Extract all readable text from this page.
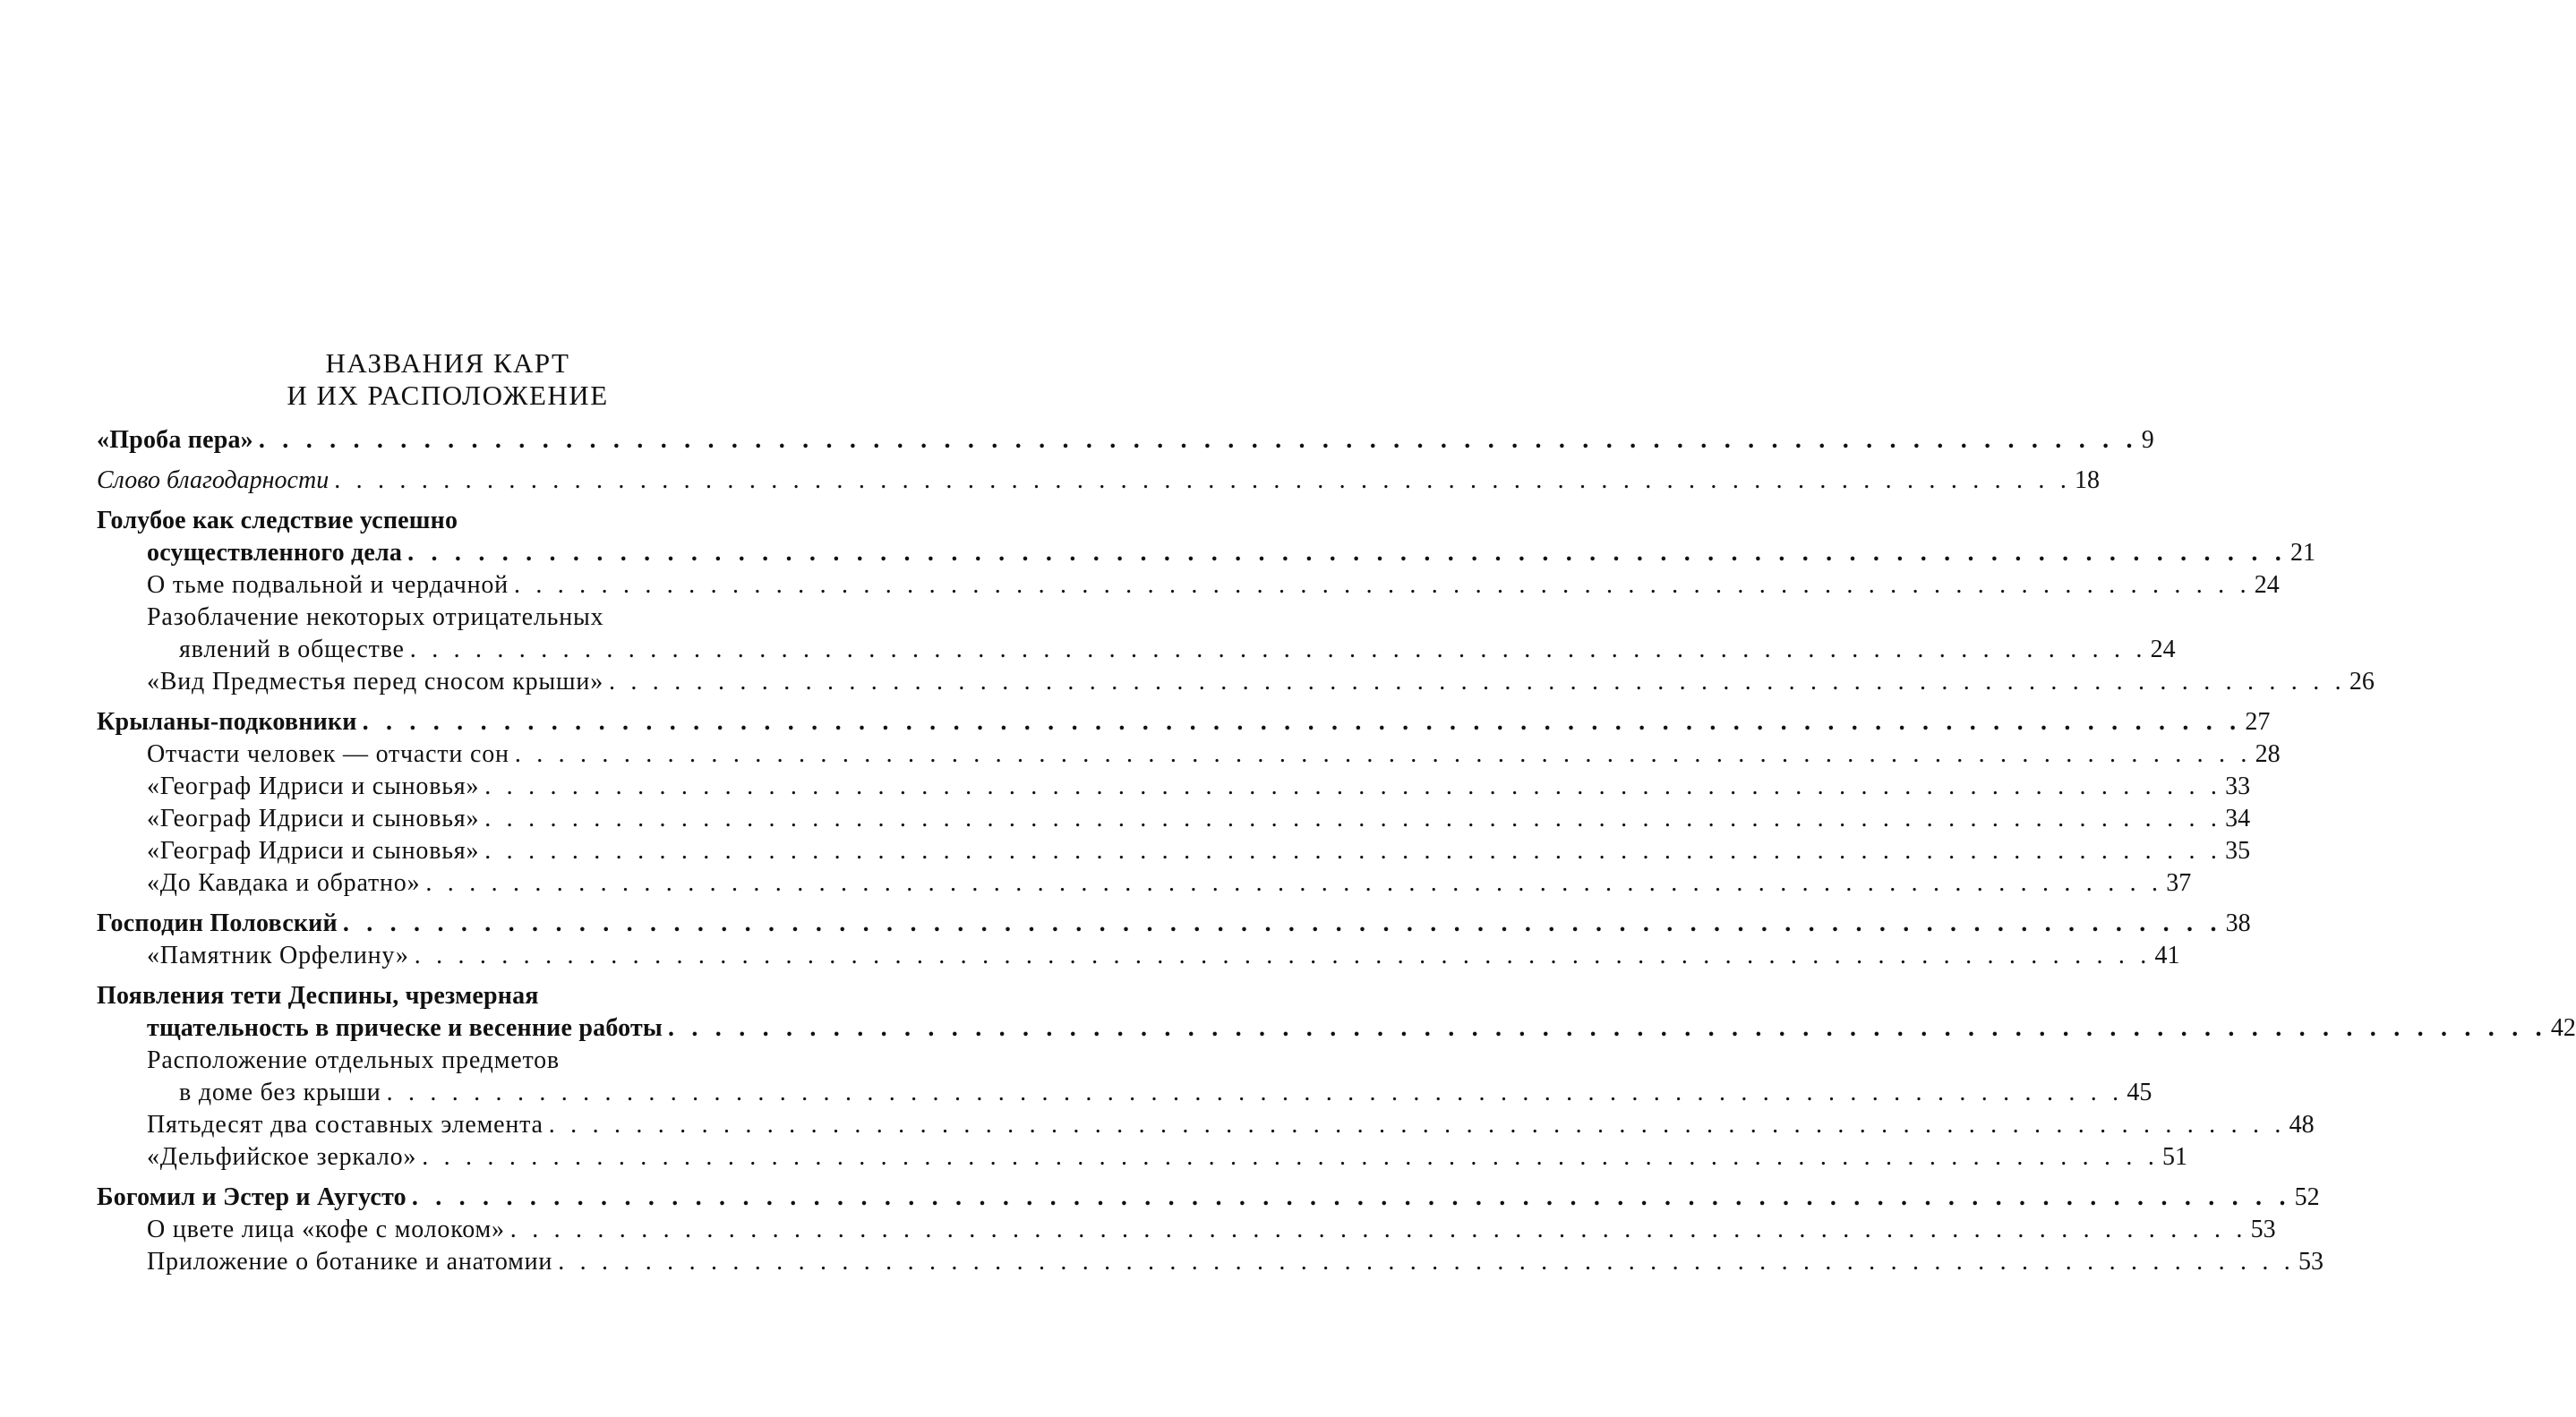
НАЗВАНИЯ КАРТ
И ИХ РАСПОЛОЖЕНИЕ
«Проба пера» . . . . . . . . . . . . . . . . . . . . . . . . . . . . . . . . . . . . . . . . . . . . . . . . . . . . . . . . . . . . . . . . . . . . . . . . . . . . . . . . 9
Слово благодарности . . . . . . . . . . . . . . . . . . . . . . . . . . . . . . . . . . . . . . . . . . . . . . . . . . . . . . . . . . . . . . . . . . . . . . . . . . . . . . . . 18
Голубое как следствие успешно
осуществленного дела . . . . . . . . . . . . . . . . . . . . . . . . . . . . . . . . . . . . . . . . . . . . . . . . . . . . . . . . . . . . . . . . . . . . . . . . . . . . . . . . 21
О тьме подвальной и чердачной . . . . . . . . . . . . . . . . . . . . . . . . . . . . . . . . . . . . . . . . . . . . . . . . . . . . . . . . . . . . . . . . . . . . . . . . . . . . . . . . 24
Разоблачение некоторых отрицательных
явлений в обществе . . . . . . . . . . . . . . . . . . . . . . . . . . . . . . . . . . . . . . . . . . . . . . . . . . . . . . . . . . . . . . . . . . . . . . . . . . . . . . . . 24
«Вид Предместья перед сносом крыши» . . . . . . . . . . . . . . . . . . . . . . . . . . . . . . . . . . . . . . . . . . . . . . . . . . . . . . . . . . . . . . . . . . . . . . . . . . . . . . . . 26
Крыланы-подковники . . . . . . . . . . . . . . . . . . . . . . . . . . . . . . . . . . . . . . . . . . . . . . . . . . . . . . . . . . . . . . . . . . . . . . . . . . . . . . . . 27
Отчасти человек — отчасти сон . . . . . . . . . . . . . . . . . . . . . . . . . . . . . . . . . . . . . . . . . . . . . . . . . . . . . . . . . . . . . . . . . . . . . . . . . . . . . . . . 28
«Географ Идриси и сыновья» . . . . . . . . . . . . . . . . . . . . . . . . . . . . . . . . . . . . . . . . . . . . . . . . . . . . . . . . . . . . . . . . . . . . . . . . . . . . . . . . 33
«Географ Идриси и сыновья» . . . . . . . . . . . . . . . . . . . . . . . . . . . . . . . . . . . . . . . . . . . . . . . . . . . . . . . . . . . . . . . . . . . . . . . . . . . . . . . . 34
«Географ Идриси и сыновья» . . . . . . . . . . . . . . . . . . . . . . . . . . . . . . . . . . . . . . . . . . . . . . . . . . . . . . . . . . . . . . . . . . . . . . . . . . . . . . . . 35
«До Кавдака и обратно» . . . . . . . . . . . . . . . . . . . . . . . . . . . . . . . . . . . . . . . . . . . . . . . . . . . . . . . . . . . . . . . . . . . . . . . . . . . . . . . . 37
Господин Половский . . . . . . . . . . . . . . . . . . . . . . . . . . . . . . . . . . . . . . . . . . . . . . . . . . . . . . . . . . . . . . . . . . . . . . . . . . . . . . . . 38
«Памятник Орфелину» . . . . . . . . . . . . . . . . . . . . . . . . . . . . . . . . . . . . . . . . . . . . . . . . . . . . . . . . . . . . . . . . . . . . . . . . . . . . . . . . 41
Появления тети Деспины, чрезмерная
тщательность в прическе и весенние работы . . . . . . . . . . . . . . . . . . . . . . . . . . . . . . . . . . . . . . . . . . . . . . . . . . . . . . . . . . . . . . . . . . . . . . . . . . . . . . . . 42
Расположение отдельных предметов
в доме без крыши . . . . . . . . . . . . . . . . . . . . . . . . . . . . . . . . . . . . . . . . . . . . . . . . . . . . . . . . . . . . . . . . . . . . . . . . . . . . . . . . 45
Пятьдесят два составных элемента . . . . . . . . . . . . . . . . . . . . . . . . . . . . . . . . . . . . . . . . . . . . . . . . . . . . . . . . . . . . . . . . . . . . . . . . . . . . . . . . 48
«Дельфийское зеркало» . . . . . . . . . . . . . . . . . . . . . . . . . . . . . . . . . . . . . . . . . . . . . . . . . . . . . . . . . . . . . . . . . . . . . . . . . . . . . . . . 51
Богомил и Эстер и Аугусто . . . . . . . . . . . . . . . . . . . . . . . . . . . . . . . . . . . . . . . . . . . . . . . . . . . . . . . . . . . . . . . . . . . . . . . . . . . . . . . . 52
О цвете лица «кофе с молоком» . . . . . . . . . . . . . . . . . . . . . . . . . . . . . . . . . . . . . . . . . . . . . . . . . . . . . . . . . . . . . . . . . . . . . . . . . . . . . . . . 53
Приложение о ботанике и анатомии . . . . . . . . . . . . . . . . . . . . . . . . . . . . . . . . . . . . . . . . . . . . . . . . . . . . . . . . . . . . . . . . . . . . . . . . . . . . . . . . 53
